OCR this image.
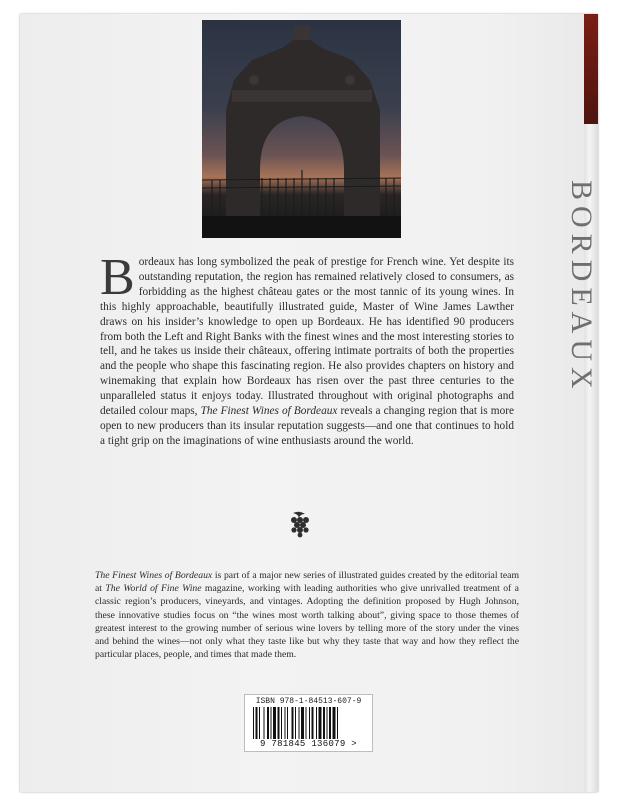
BORDEAUX
Bordeaux has long symbolized the peak of prestige for French wine. Yet despite its outstanding reputation, the region has remained relatively closed to consumers, as forbidding as the highest château gates or the most tannic of its young wines. In this highly approachable, beautifully illustrated guide, Master of Wine James Lawther draws on his insider’s knowledge to open up Bordeaux. He has identified 90 producers from both the Left and Right Banks with the finest wines and the most interesting stories to tell, and he takes us inside their châteaux, offering intimate portraits of both the properties and the people who shape this fascinating region. He also provides chapters on history and winemaking that explain how Bordeaux has risen over the past three centuries to the unparalleled status it enjoys today. Illustrated throughout with original photographs and detailed colour maps, The Finest Wines of Bordeaux reveals a changing region that is more open to new producers than its insular reputation suggests—and one that continues to hold a tight grip on the imaginations of wine enthusiasts around the world.
The Finest Wines of Bordeaux is part of a major new series of illustrated guides created by the editorial team at The World of Fine Wine magazine, working with leading authorities who give unrivalled treatment of a classic region’s producers, vineyards, and vintages. Adopting the definition proposed by Hugh Johnson, these innovative studies focus on “the wines most worth talking about”, giving space to those themes of greatest interest to the growing number of serious wine lovers by telling more of the story under the vines and behind the wines—not only what they taste like but why they taste that way and how they reflect the particular places, people, and times that made them.
ISBN 978-1-84513-607-9
9 781845 136079 >
